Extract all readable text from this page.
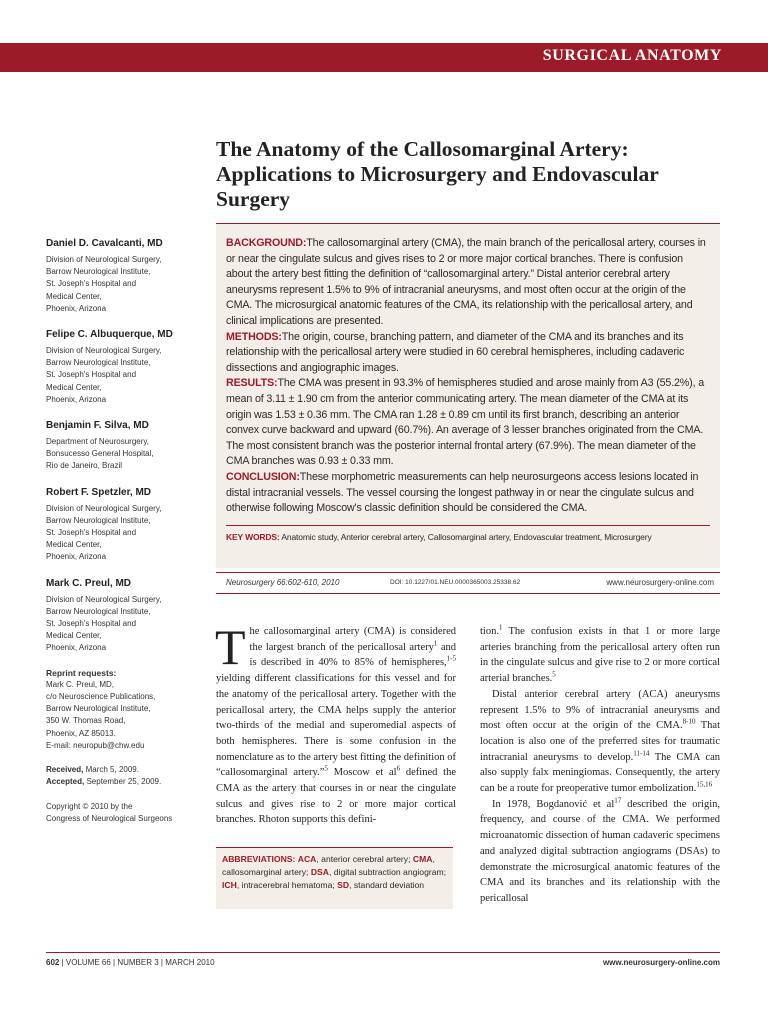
SURGICAL ANATOMY
The Anatomy of the Callosomarginal Artery: Applications to Microsurgery and Endovascular Surgery
Daniel D. Cavalcanti, MD
Division of Neurological Surgery,
Barrow Neurological Institute,
St. Joseph's Hospital and
Medical Center,
Phoenix, Arizona
Felipe C. Albuquerque, MD
Division of Neurological Surgery,
Barrow Neurological Institute,
St. Joseph's Hospital and
Medical Center,
Phoenix, Arizona
Benjamin F. Silva, MD
Department of Neurosurgery,
Bonsucesso General Hospital,
Rio de Janeiro, Brazil
Robert F. Spetzler, MD
Division of Neurological Surgery,
Barrow Neurological Institute,
St. Joseph's Hospital and
Medical Center,
Phoenix, Arizona
Mark C. Preul, MD
Division of Neurological Surgery,
Barrow Neurological Institute,
St. Joseph's Hospital and
Medical Center,
Phoenix, Arizona
Reprint requests:
Mark C. Preul, MD,
c/o Neuroscience Publications,
Barrow Neurological Institute,
350 W. Thomas Road,
Phoenix, AZ 85013.
E-mail: neuropub@chw.edu
Received, March 5, 2009.
Accepted, September 25, 2009.
Copyright © 2010 by the
Congress of Neurological Surgeons

BACKGROUND:The callosomarginal artery (CMA), the main branch of the pericallosal artery, courses in or near the cingulate sulcus and gives rises to 2 or more major cortical branches. There is confusion about the artery best fitting the definition of “callosomarginal artery.” Distal anterior cerebral artery aneurysms represent 1.5% to 9% of intracranial aneurysms, and most often occur at the origin of the CMA. The microsurgical anatomic features of the CMA, its relationship with the pericallosal artery, and clinical implications are presented.

METHODS:The origin, course, branching pattern, and diameter of the CMA and its branches and its relationship with the pericallosal artery were studied in 60 cerebral hemispheres, including cadaveric dissections and angiographic images.

RESULTS:The CMA was present in 93.3% of hemispheres studied and arose mainly from A3 (55.2%), a mean of 3.11 ± 1.90 cm from the anterior communicating artery. The mean diameter of the CMA at its origin was 1.53 ± 0.36 mm. The CMA ran 1.28 ± 0.89 cm until its first branch, describing an anterior convex curve backward and upward (60.7%). An average of 3 lesser branches originated from the CMA. The most consistent branch was the posterior internal frontal artery (67.9%). The mean diameter of the CMA branches was 0.93 ± 0.33 mm.

CONCLUSION:These morphometric measurements can help neurosurgeons access lesions located in distal intracranial vessels. The vessel coursing the longest pathway in or near the cingulate sulcus and otherwise following Moscow's classic definition should be considered the CMA.

KEY WORDS: Anatomic study, Anterior cerebral artery, Callosomarginal artery, Endovascular treatment, Microsurgery
Neurosurgery 66:602-610, 2010	DOI: 10.1227/01.NEU.0000365003.25338.62	www.neurosurgery-online.com
The callosomarginal artery (CMA) is considered the largest branch of the pericallosal artery$^1$ and is described in 40% to 85% of hemispheres,$^{1-5}$ yielding different classifications for this vessel and for the anatomy of the pericallosal artery. Together with the pericallosal artery, the CMA helps supply the anterior two-thirds of the medial and superomedial aspects of both hemispheres. There is some confusion in the nomenclature as to the artery best fitting the definition of “callosomarginal artery.”$^5$ Moscow et $al^6$ defined the CMA as the artery that courses in or near the cingulate sulcus and gives rise to 2 or more major cortical branches. Rhoton supports this defini-
ABBREVIATIONS: ACA, anterior cerebral artery; CMA, callosomarginal artery; DSA, digital subtraction angiogram; ICH, intracerebral hematoma; SD, standard deviation

tion.$^1$ The confusion exists in that 1 or more large arteries branching from the pericallosal artery often run in the cingulate sulcus and give rise to 2 or more cortical arterial branches.$^5$

Distal anterior cerebral artery (ACA) aneurysms represent 1.5% to 9% of intracranial aneurysms and most often occur at the origin of the CMA.$^{8-10}$ That location is also one of the preferred sites for traumatic intracranial aneurysms to develop.$^{11-14}$ The CMA can also supply falx meningiomas. Consequently, the artery can be a route for preoperative tumor embolization.$^{15,16}$

In 1978, Bogdanović et $al^{17}$ described the origin, frequency, and course of the CMA. We performed microanatomic dissection of human cadaveric specimens and analyzed digital subtraction angiograms (DSAs) to demonstrate the microsurgical anatomic features of the CMA and its branches and its relationship with the pericallosal

602 | VOLUME 66 | NUMBER 3 | MARCH 2010	www.neurosurgery-online.com
